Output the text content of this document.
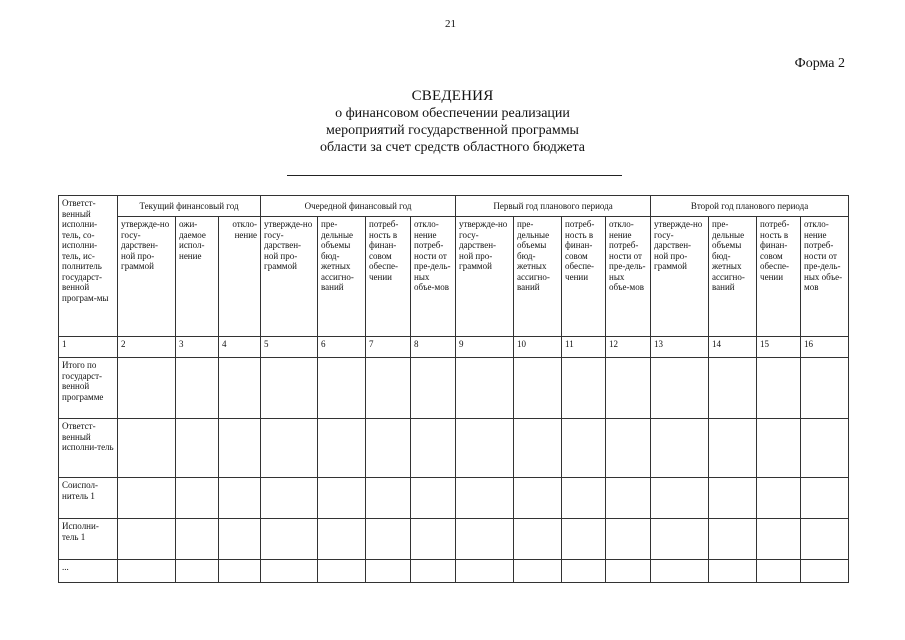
21
Форма 2
СВЕДЕНИЯ
о финансовом обеспечении реализации
мероприятий государственной программы
области за счет средств областного бюджета
Ответст-венный исполни-тель, со-исполни-тель, ис-полнитель государст-венной програм-мы	Текущий финансовый год			Очередной финансовый год				Первый год планового периода				Второй год планового периода			
	утвержде-но госу-дарствен-ной про-граммой	ожи-даемое испол-нение	откло-нение	утвержде-но госу-дарствен-ной про-граммой	пре-дельные объемы бюд-жетных ассигно-ваний	потреб-ность в финан-совом обеспе-чении	откло-нение потреб-ности от пре-дель-ных объе-мов	утвержде-но госу-дарствен-ной про-граммой	пре-дельные объемы бюд-жетных ассигно-ваний	потреб-ность в финан-совом обеспе-чении	откло-нение потреб-ности от пре-дель-ных объе-мов	утвержде-но госу-дарствен-ной про-граммой	пре-дельные объемы бюд-жетных ассигно-ваний	потреб-ность в финан-совом обеспе-чении	откло-нение потреб-ности от пре-дель-ных объе-мов
1	2	3	4	5	6	7	8	9	10	11	12	13	14	15	16
Итого по государст-венной программе															
Ответст-венный исполни-тель															
Соиспол-нитель 1															
Исполни-тель 1															
...															
